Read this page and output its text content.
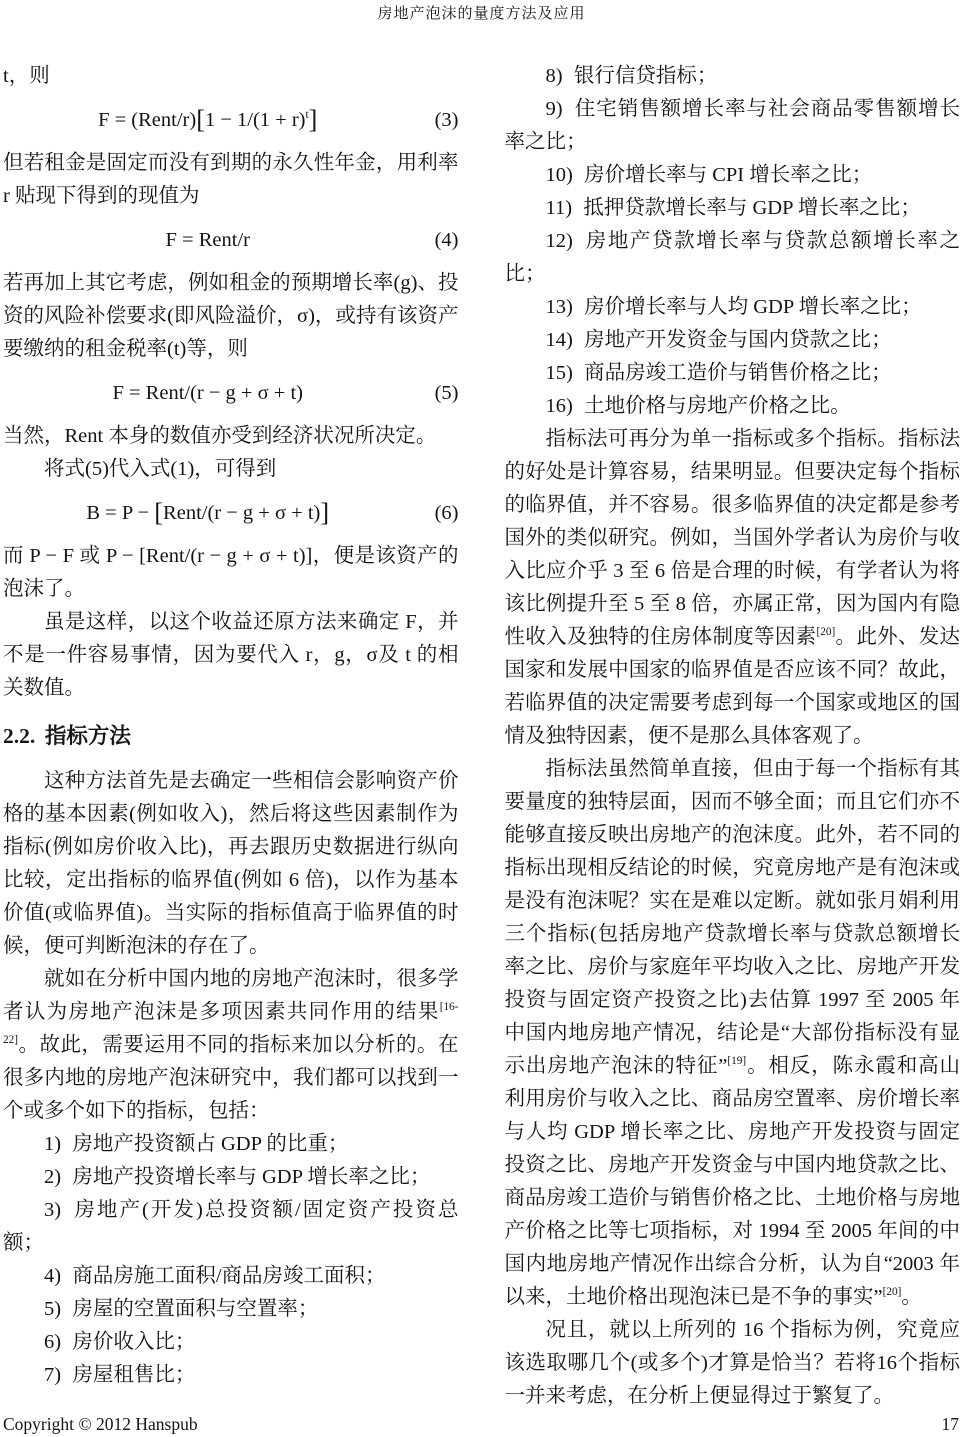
房地产泡沫的量度方法及应用

t，则

F = (Rent/r)[1 − $1/(1 + r)^t$]	(3)

但若租金是固定而没有到期的永久性年金，用利率 r 贴现下得到的现值为

F = Rent/r	(4)

若再加上其它考虑，例如租金的预期增长率(g)、投资的风险补偿要求(即风险溢价，σ)，或持有该资产要缴纳的租金税率(t)等，则

F = Rent/(r − g + σ + t)	(5)

当然，Rent 本身的数值亦受到经济状况所决定。

将式(5)代入式(1)，可得到

B = P − [Rent/(r − g + σ + t)]	(6)

而 P − F 或 P − [Rent/(r − g + σ + t)]，便是该资产的泡沫了。

虽是这样，以这个收益还原方法来确定 F，并不是一件容易事情，因为要代入 r，g，σ及 t 的相关数值。

2.2. 指标方法

这种方法首先是去确定一些相信会影响资产价格的基本因素(例如收入)，然后将这些因素制作为指标(例如房价收入比)，再去跟历史数据进行纵向比较，定出指标的临界值(例如 6 倍)，以作为基本价值(或临界值)。当实际的指标值高于临界值的时候，便可判断泡沫的存在了。

就如在分析中国内地的房地产泡沫时，很多学者认为房地产泡沫是多项因素共同作用的结果[16-22]。故此，需要运用不同的指标来加以分析的。在很多内地的房地产泡沫研究中，我们都可以找到一个或多个如下的指标，包括：

1) 房地产投资额占 GDP 的比重；

2) 房地产投资增长率与 GDP 增长率之比；

3) 房地产(开发)总投资额/固定资产投资总额；

4) 商品房施工面积/商品房竣工面积；

5) 房屋的空置面积与空置率；

6) 房价收入比；

7) 房屋租售比；

8) 银行信贷指标；

9) 住宅销售额增长率与社会商品零售额增长率之比；

10) 房价增长率与 CPI 增长率之比；

11) 抵押贷款增长率与 GDP 增长率之比；

12) 房地产贷款增长率与贷款总额增长率之比；

13) 房价增长率与人均 GDP 增长率之比；

14) 房地产开发资金与国内贷款之比；

15) 商品房竣工造价与销售价格之比；

16) 土地价格与房地产价格之比。

指标法可再分为单一指标或多个指标。指标法的好处是计算容易，结果明显。但要决定每个指标的临界值，并不容易。很多临界值的决定都是参考国外的类似研究。例如，当国外学者认为房价与收入比应介乎 3 至 6 倍是合理的时候，有学者认为将该比例提升至 5 至 8 倍，亦属正常，因为国内有隐性收入及独特的住房体制度等因素[20]。此外、发达国家和发展中国家的临界值是否应该不同？故此，若临界值的决定需要考虑到每一个国家或地区的国情及独特因素，便不是那么具体客观了。

指标法虽然简单直接，但由于每一个指标有其要量度的独特层面，因而不够全面；而且它们亦不能够直接反映出房地产的泡沫度。此外，若不同的指标出现相反结论的时候，究竟房地产是有泡沫或是没有泡沫呢？实在是难以定断。就如张月娟利用三个指标(包括房地产贷款增长率与贷款总额增长率之比、房价与家庭年平均收入之比、房地产开发投资与固定资产投资之比)去估算 1997 至 2005 年中国内地房地产情况，结论是“大部份指标没有显示出房地产泡沫的特征”[19]。相反，陈永霞和高山利用房价与收入之比、商品房空置率、房价增长率与人均 GDP 增长率之比、房地产开发投资与固定投资之比、房地产开发资金与中国内地贷款之比、商品房竣工造价与销售价格之比、土地价格与房地产价格之比等七项指标，对 1994 至 2005 年间的中国内地房地产情况作出综合分析，认为自“2003 年以来，土地价格出现泡沫已是不争的事实”[20]。

况且，就以上所列的 16 个指标为例，究竟应该选取哪几个(或多个)才算是恰当？若将16个指标一并来考虑，在分析上便显得过于繁复了。

Copyright © 2012 Hanspub	17
